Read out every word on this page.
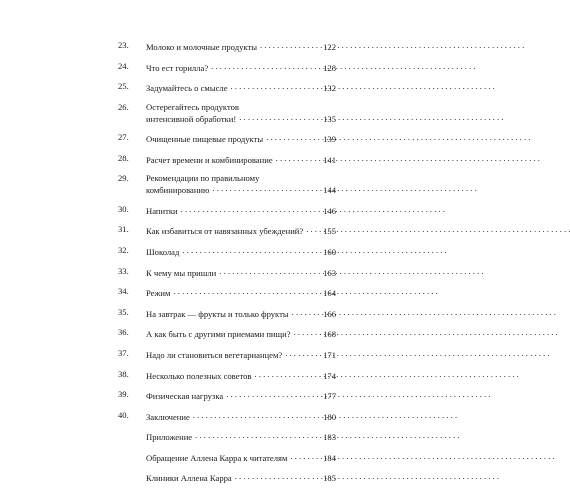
23.	Молоко и молочные продукты . . .	122
24.	Что ест горилла? . . .	128
25.	Задумайтесь о смысле . . .	132
26.	Остерегайтесь продуктов
интенсивной обработки! . . .	135
27.	Очищенные пищевые продукты . . .	139
28.	Расчет времени и комбинирование . . .	141
29.	Рекомендации по правильному
комбинированию . . .	144
30.	Напитки . . .	146
31.	Как избавиться от навязанных убеждений? . . . 155
32.	Шоколад . . .	160
33.	К чему мы пришли . . .	163
34.	Режим . . .	164
35.	На завтрак — фрукты и только фрукты . . .	166
36.	А как быть с другими приемами пищи? . . .	168
37.	Надо ли становиться вегетарианцем? . . .	171
38.	Несколько полезных советов . . .	174
39.	Физическая нагрузка . . .	177
40.	Заключение . . .	180
Приложение . . .	183
Обращение Аллена Карра к читателям . . .	184
Клиники Аллена Карра . . .	185
